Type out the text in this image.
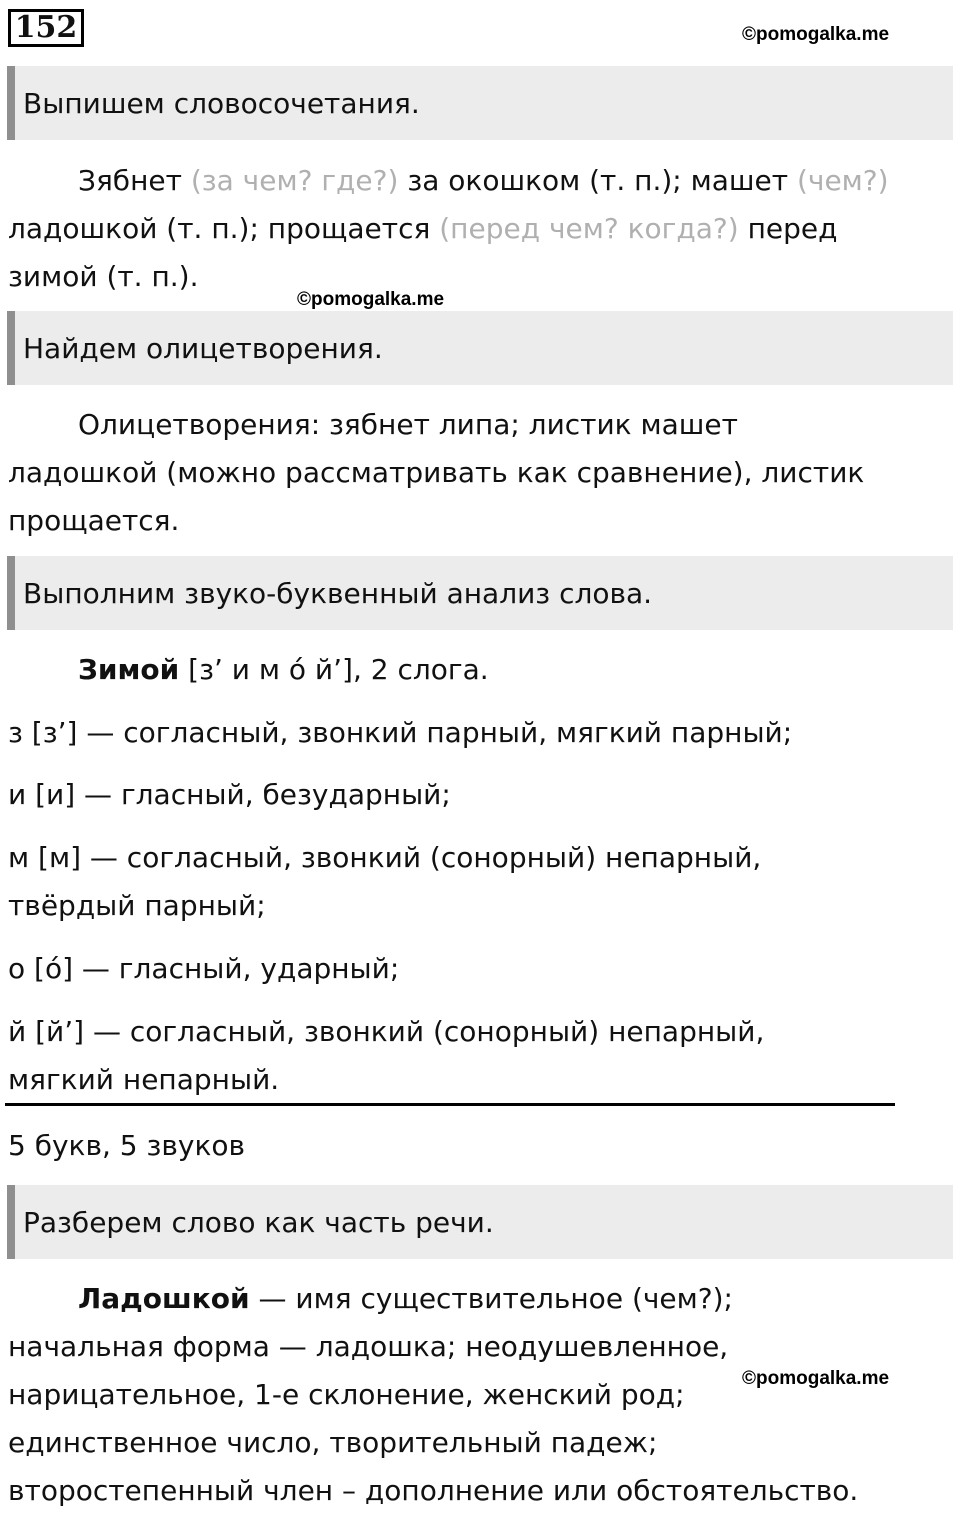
152	©pomogalka.me
Выпишем словосочетания.
Зябнет (за чем? где?) за окошком (т. п.); машет (чем?)
ладошкой (т. п.); прощается (перед чем? когда?) перед
зимой (т. п.).
©pomogalka.me
Найдем олицетворения.
Олицетворения: зябнет липа; листик машет
ладошкой (можно рассматривать как сравнение), листик
прощается.
Выполним звуко-буквенный анализ слова.
Зимой [з’ и м о́ й’], 2 слога.
з [з’] — согласный, звонкий парный, мягкий парный;
и [и] — гласный, безударный;
м [м] — согласный, звонкий (сонорный) непарный,
твёрдый парный;
о [о́] — гласный, ударный;
й [й’] — согласный, звонкий (сонорный) непарный,
мягкий непарный.
5 букв, 5 звуков
Разберем слово как часть речи.
Ладошкой — имя существительное (чем?);
начальная форма — ладошка; неодушевленное,
нарицательное, 1-е склонение, женский род;
единственное число, творительный падеж;
второстепенный член – дополнение или обстоятельство.
©pomogalka.me
